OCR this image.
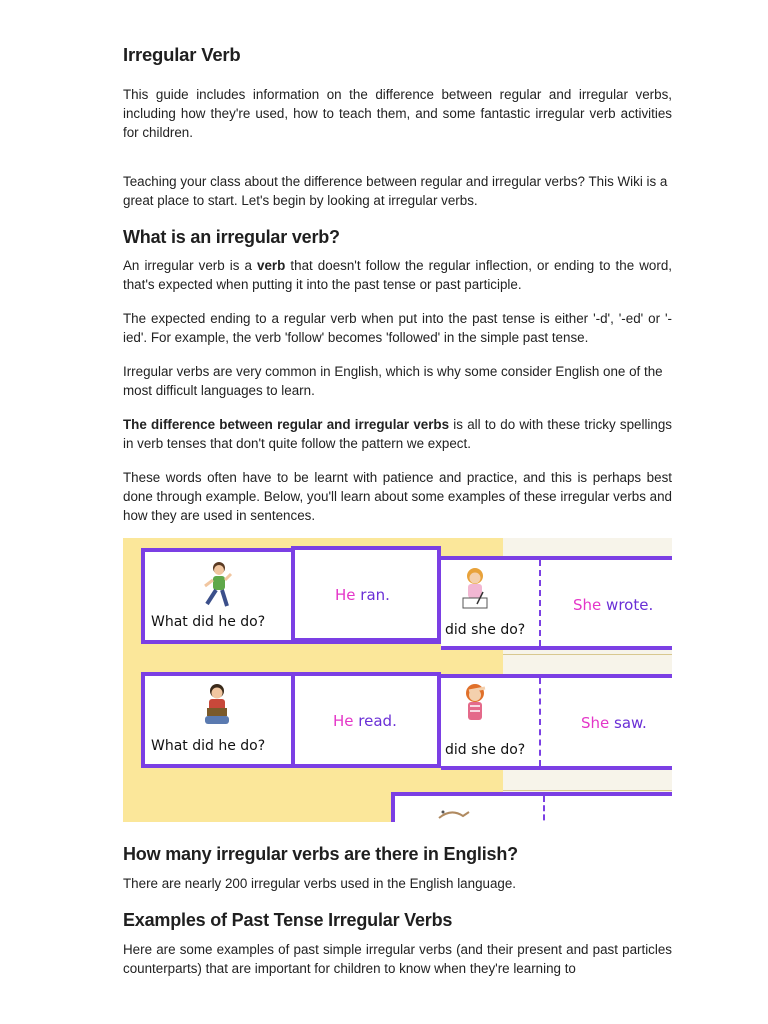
Irregular Verb

This guide includes information on the difference between regular and irregular verbs, including how they're used, how to teach them, and some fantastic irregular verb activities for children.

Teaching your class about the difference between regular and irregular verbs? This Wiki is a great place to start. Let's begin by looking at irregular verbs.

What is an irregular verb?

An irregular verb is a verb that doesn't follow the regular inflection, or ending to the word, that's expected when putting it into the past tense or past participle.

The expected ending to a regular verb when put into the past tense is either '-d', '-ed' or '-ied'. For example, the verb 'follow' becomes 'followed' in the simple past tense.

Irregular verbs are very common in English, which is why some consider English one of the most difficult languages to learn.

The difference between regular and irregular verbs is all to do with these tricky spellings in verb tenses that don't quite follow the pattern we expect.

These words often have to be learnt with patience and practice, and this is perhaps best done through example. Below, you'll learn about some examples of these irregular verbs and how they are used in sentences.

How many irregular verbs are there in English?

There are nearly 200 irregular verbs used in the English language.

Examples of Past Tense Irregular Verbs

Here are some examples of past simple irregular verbs (and their present and past particles counterparts) that are important for children to know when they're learning to

What did he do?
He ran.
did she do?
She wrote.
What did he do?
He read.
did she do?
She saw.
